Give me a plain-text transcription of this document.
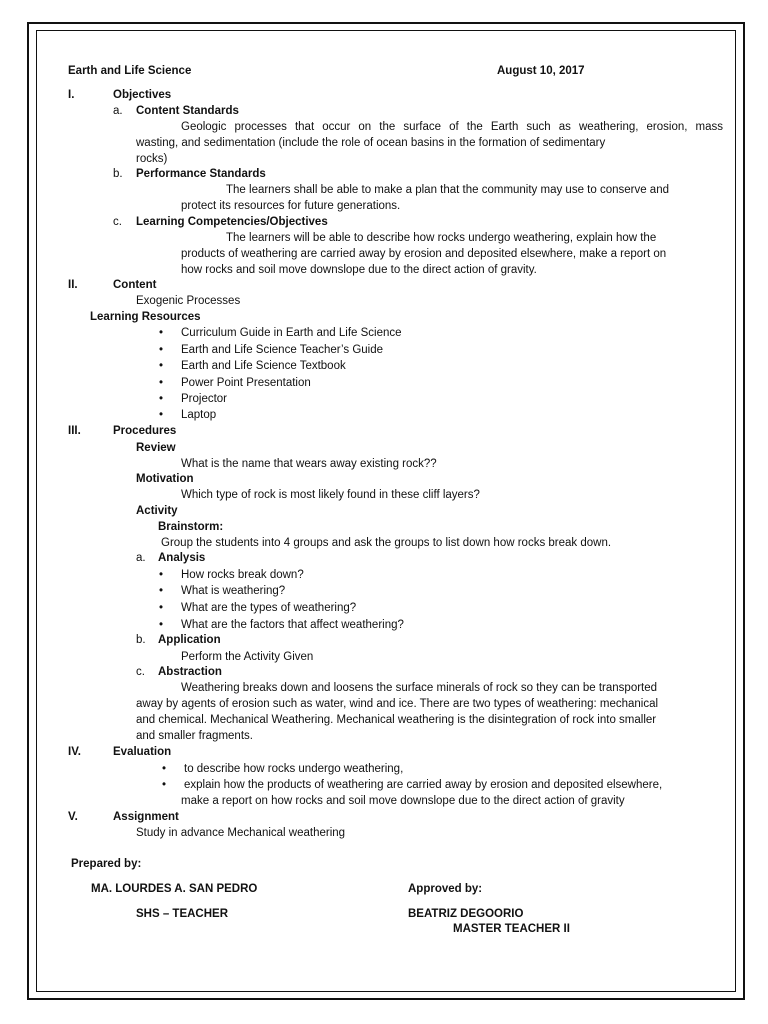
Earth and Life Science	August 10, 2017
I.	Objectives
a. Content Standards
Geologic processes that occur on the surface of the Earth such as weathering, erosion, mass
wasting, and sedimentation (include the role of ocean basins in the formation of sedimentary
rocks)
b. Performance Standards
The learners shall be able to make a plan that the community may use to conserve and
protect its resources for future generations.
c. Learning Competencies/Objectives
The learners will be able to describe how rocks undergo weathering, explain how the
products of weathering are carried away by erosion and deposited elsewhere, make a report on
how rocks and soil move downslope due to the direct action of gravity.
II.	Content
Exogenic Processes
Learning Resources
• Curriculum Guide in Earth and Life Science
• Earth and Life Science Teacher’s Guide
• Earth and Life Science Textbook
• Power Point Presentation
• Projector
• Laptop
III.	Procedures
Review
What is the name that wears away existing rock??
Motivation
Which type of rock is most likely found in these cliff layers?
Activity
Brainstorm:
Group the students into 4 groups and ask the groups to list down how rocks break down.
a. Analysis
• How rocks break down?
• What is weathering?
• What are the types of weathering?
• What are the factors that affect weathering?
b. Application
Perform the Activity Given
c. Abstraction
Weathering breaks down and loosens the surface minerals of rock so they can be transported
away by agents of erosion such as water, wind and ice. There are two types of weathering: mechanical
and chemical. Mechanical Weathering. Mechanical weathering is the disintegration of rock into smaller
and smaller fragments.
IV.	Evaluation
• to describe how rocks undergo weathering,
• explain how the products of weathering are carried away by erosion and deposited elsewhere,
make a report on how rocks and soil move downslope due to the direct action of gravity
V.	Assignment
Study in advance Mechanical weathering
Prepared by:
MA. LOURDES A. SAN PEDRO	Approved by:
SHS – TEACHER	BEATRIZ DEGOORIO
MASTER TEACHER II
